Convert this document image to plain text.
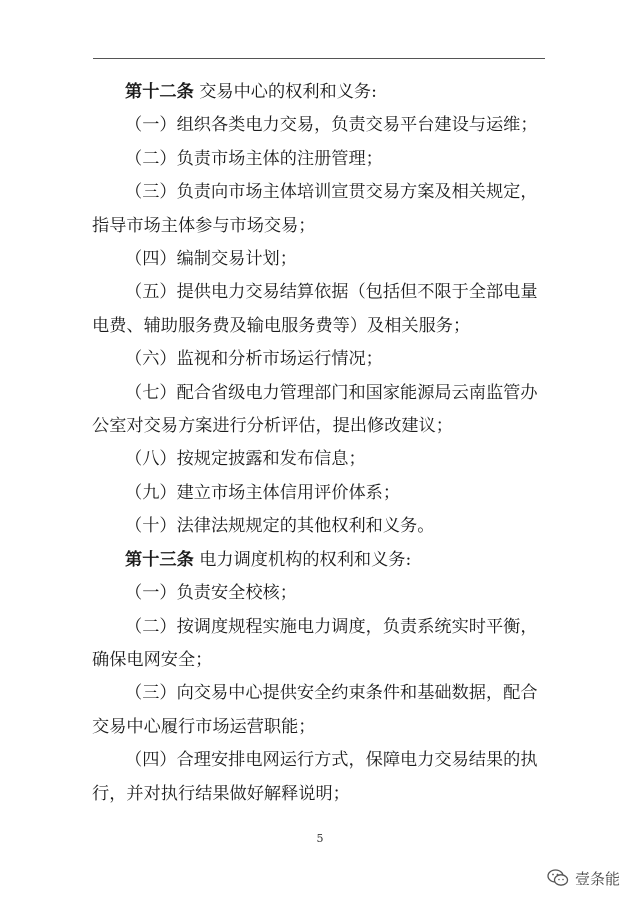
第十二条 交易中心的权利和义务:

（一）组织各类电力交易，负责交易平台建设与运维；

（二）负责市场主体的注册管理；

（三）负责向市场主体培训宣贯交易方案及相关规定，

指导市场主体参与市场交易；

（四）编制交易计划；

（五）提供电力交易结算依据（包括但不限于全部电量

电费、辅助服务费及输电服务费等）及相关服务；

（六）监视和分析市场运行情况；

（七）配合省级电力管理部门和国家能源局云南监管办

公室对交易方案进行分析评估，提出修改建议；

（八）按规定披露和发布信息；

（九）建立市场主体信用评价体系；

（十）法律法规规定的其他权利和义务。

第十三条 电力调度机构的权利和义务:

（一）负责安全校核；

（二）按调度规程实施电力调度，负责系统实时平衡，

确保电网安全；

（三）向交易中心提供安全约束条件和基础数据，配合

交易中心履行市场运营职能；

（四）合理安排电网运行方式，保障电力交易结果的执

行，并对执行结果做好解释说明；

5
壹条能
